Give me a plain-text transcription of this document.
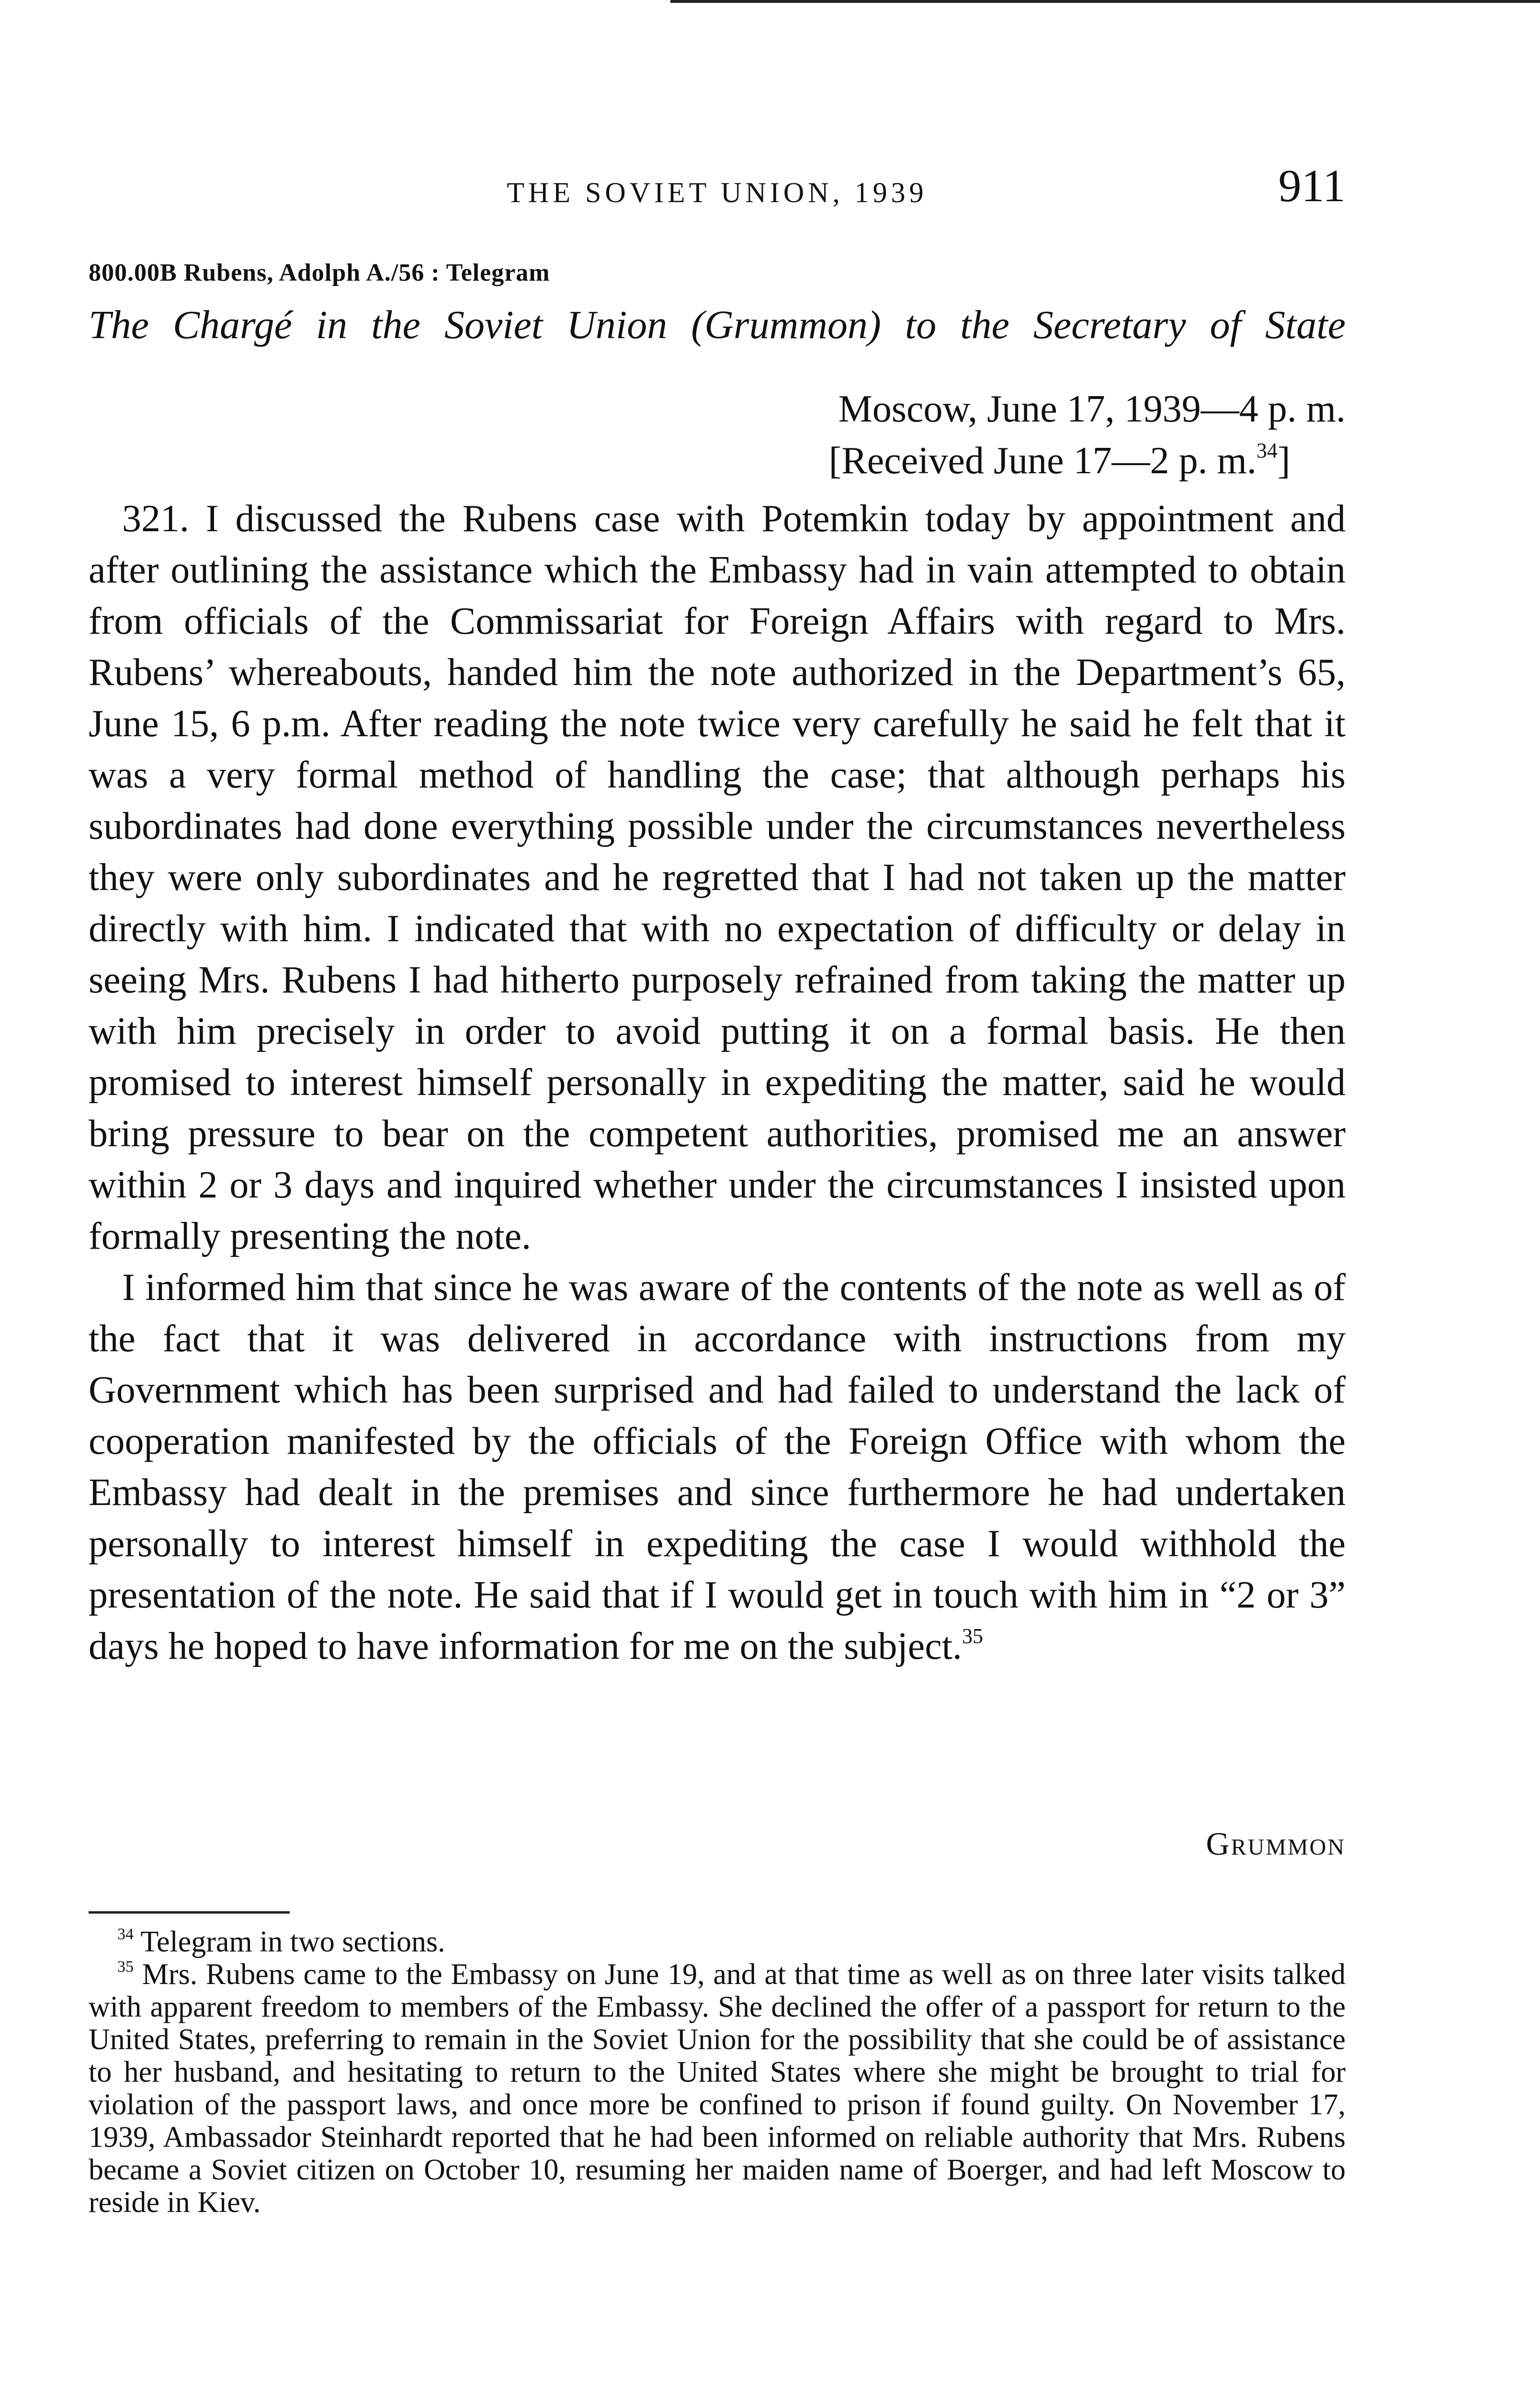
THE SOVIET UNION, 1939	911
800.00B Rubens, Adolph A./56 : Telegram
The Chargé in the Soviet Union (Grummon) to the Secretary of State
Moscow, June 17, 1939—4 p. m.
[Received June 17—2 p. m.$^{34}$]

321. I discussed the Rubens case with Potemkin today by appointment and after outlining the assistance which the Embassy had in vain attempted to obtain from officials of the Commissariat for Foreign Affairs with regard to Mrs. Rubens’ whereabouts, handed him the note authorized in the Department’s 65, June 15, 6 p.m. After reading the note twice very carefully he said he felt that it was a very formal method of handling the case; that although perhaps his subordinates had done everything possible under the circumstances nevertheless they were only subordinates and he regretted that I had not taken up the matter directly with him. I indicated that with no expectation of difficulty or delay in seeing Mrs. Rubens I had hitherto purposely refrained from taking the matter up with him precisely in order to avoid putting it on a formal basis. He then promised to interest himself personally in expediting the matter, said he would bring pressure to bear on the competent authorities, promised me an answer within 2 or 3 days and inquired whether under the circumstances I insisted upon formally presenting the note.

I informed him that since he was aware of the contents of the note as well as of the fact that it was delivered in accordance with instructions from my Government which has been surprised and had failed to understand the lack of cooperation manifested by the officials of the Foreign Office with whom the Embassy had dealt in the premises and since furthermore he had undertaken personally to interest himself in expediting the case I would withhold the presentation of the note. He said that if I would get in touch with him in “2 or 3” days he hoped to have information for me on the subject.$^{35}$

Grummon

$^{34}$ Telegram in two sections.

$^{35}$ Mrs. Rubens came to the Embassy on June 19, and at that time as well as on three later visits talked with apparent freedom to members of the Embassy. She declined the offer of a passport for return to the United States, preferring to remain in the Soviet Union for the possibility that she could be of assistance to her husband, and hesitating to return to the United States where she might be brought to trial for violation of the passport laws, and once more be confined to prison if found guilty. On November 17, 1939, Ambassador Steinhardt reported that he had been informed on reliable authority that Mrs. Rubens became a Soviet citizen on October 10, resuming her maiden name of Boerger, and had left Moscow to reside in Kiev.
